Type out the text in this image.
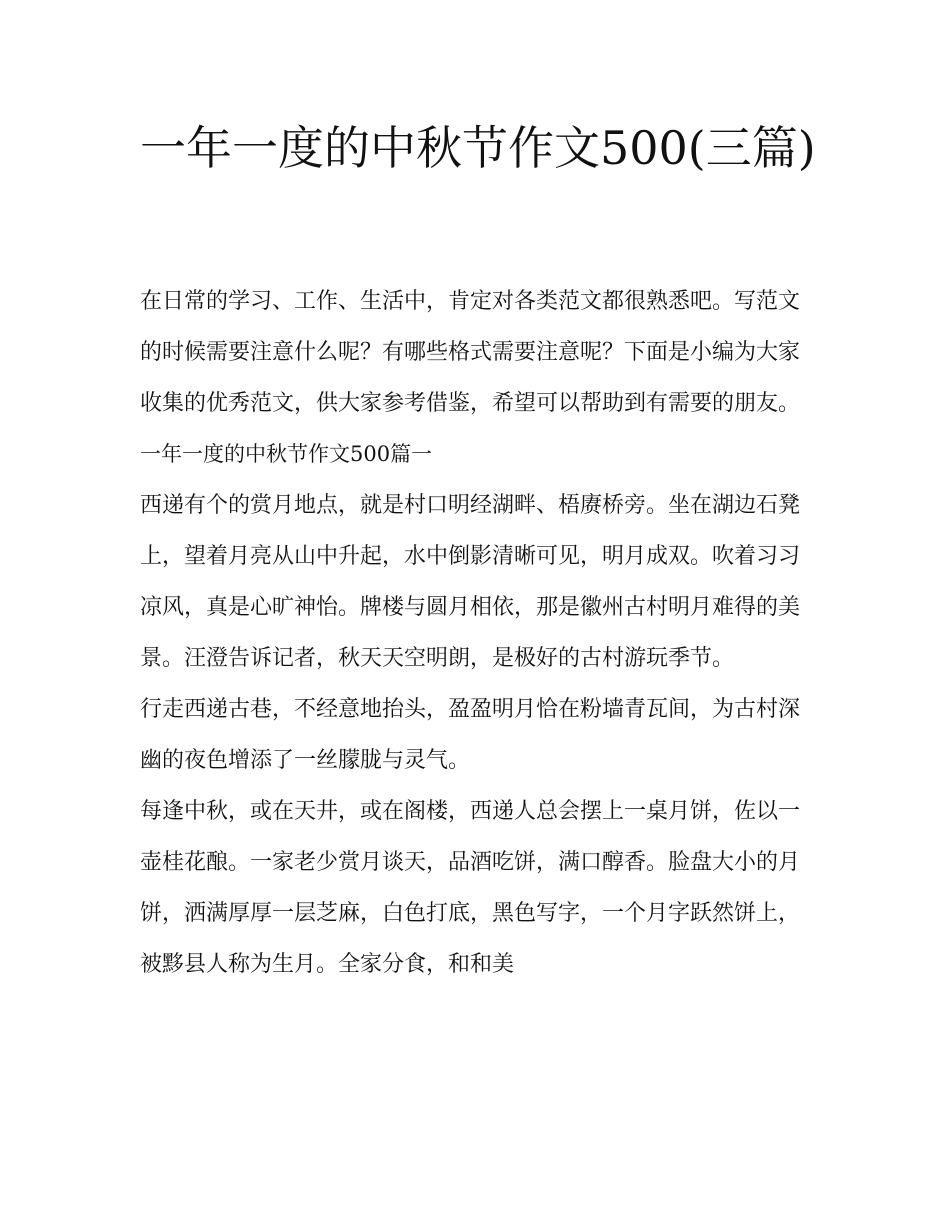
一年一度的中秋节作文500(三篇)

在日常的学习、工作、生活中，肯定对各类范文都很熟悉吧。写范文的时候需要注意什么呢？有哪些格式需要注意呢？下面是小编为大家收集的优秀范文，供大家参考借鉴，希望可以帮助到有需要的朋友。

一年一度的中秋节作文500篇一

西递有个的赏月地点，就是村口明经湖畔、梧赓桥旁。坐在湖边石凳上，望着月亮从山中升起，水中倒影清晰可见，明月成双。吹着习习凉风，真是心旷神怡。牌楼与圆月相依，那是徽州古村明月难得的美景。汪澄告诉记者，秋天天空明朗，是极好的古村游玩季节。

行走西递古巷，不经意地抬头，盈盈明月恰在粉墙青瓦间，为古村深幽的夜色增添了一丝朦胧与灵气。

每逢中秋，或在天井，或在阁楼，西递人总会摆上一桌月饼，佐以一壶桂花酿。一家老少赏月谈天，品酒吃饼，满口醇香。脸盘大小的月饼，洒满厚厚一层芝麻，白色打底，黑色写字，一个月字跃然饼上，被黟县人称为生月。全家分食，和和美
